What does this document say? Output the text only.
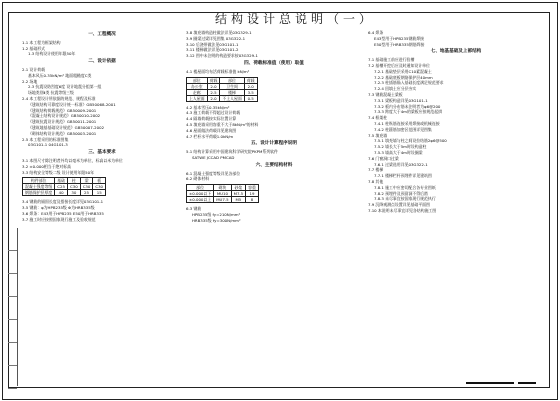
结构设计总说明（一）
一、工程概况
1.1 本工程为框架结构
1.2 基础形式
1.3 结构设计使用年限50年
二、设计依据
2.1 设计荷载
基本风压0.35kN/m² 地面粗糙度C类
2.2 场地
2.3 抗震设防烈度6度 设计地震分组第一组
场地类别Ⅱ类 抗震等级三级
2.4 本工程设计所依据的规范、规程及标准
《建筑结构可靠度设计统一标准》GB50068-2001
《建筑结构荷载规范》GB50009-2001
《混凝土结构设计规范》GB50010-2002
《建筑抗震设计规范》GB50011-2001
《建筑地基基础设计规范》GB50007-2002
《砌体结构设计规范》GB50003-2001
2.5 本工程采用的标准图集
03G101-1 04G101-3
三、基本要求
3.1 本图尺寸除注明者外均以毫米为单位，标高以米为单位
3.2 ±0.000相当于绝对标高
3.3 结构安全等级二级 设计使用年限50年
构件部位	基础	柱	梁	板
混凝土强度等级	C25	C30	C30	C30
钢筋保护层厚度	40	30	25	15
3.4 钢筋的锚固长度及搭接长度详见03G101-1
3.5 钢筋：φ为HPB235级 Φ为HRB335级
3.6 焊条：E43用于HPB235 E50用于HRB335
3.7 施工时应按照国家现行施工及验收规范
3.8 填充墙构造柱做法详见03G329-1
3.9 圈梁过梁详见图集 03G322-1
3.10 后浇带做法见03G101-1
3.11 楼梯做法详见03G101-2
3.12 图中未注明的构造要求按03G329-1
四、荷载标准值（使用）取值
4.1 楼屋面均布活荷载标准值 kN/m²
部位	荷载	部位	荷载
办公室	2.0	卫生间	2.0
走廊	2.5	楼梯	3.5
上人屋面	2.0	不上人屋面	0.5
4.2 基本雪压0.35kN/m²
4.3 施工荷载不得超过设计荷载
4.4 隔墙荷载按实际位置计算
4.5 填充墙采用容重不大于8kN/m³的材料
4.6 屋面做法荷载详见建筑图
4.7 栏杆水平荷载1.0kN/m
五、设计计算程序说明
5.1 结构计算采用中国建筑科学研究院PKPM系列软件
SATWE JCCAD PMCAD
六、主要结构材料
6.1 混凝土强度等级详见各部位
6.2 砌体材料
部位	砌块	砂浆	容重
±0.000以下	MU10	M7.5	19
±0.000以上	MU7.5	M5	8
6.3 钢筋
HPB235级 fy=210N/mm²
HRB335级 fy=300N/mm²
6.4 焊条
E43型用于HPB235钢筋焊接
E50型用于HRB335钢筋焊接
七、地基基础及上部结构
7.1 基础施工前应进行验槽
7.2 基槽开挖后应及时通知设计单位
7.2.1 基础垫层采用C10素混凝土
7.2.2 基础底板钢筋保护层40mm
7.2.3 柱插筋锚入基础长度满足规范要求
7.2.4 回填土应分层夯实
7.3 钢筋混凝土梁板
7.3.1 梁板构造详见03G101-1
7.3.2 板内分布筋未注明者为φ6@200
7.3.3 跨度大于4m的梁板应按规范起拱
7.4 框架柱
7.4.1 柱纵筋连接采用焊接或机械连接
7.4.2 柱箍筋加密区范围详见图集
7.5 填充墙
7.5.1 填充墙与柱之间设拉结筋2φ6@500
7.5.2 墙长大于5m时设构造柱
7.5.3 墙高大于4m时设圈梁
7.6 门窗洞口过梁
7.6.1 过梁选用详见03G322-1
7.7 楼梯
7.7.1 楼梯栏杆预埋件详见建筑图
7.8 其他
7.8.1 施工中应密切配合各专业图纸
7.8.2 预埋件及预留洞不得后凿
7.8.3 未尽事宜按国家现行规范执行
7.9 沉降观测点设置详见基础平面图
7.10 本说明未尽事宜详见各结构施工图
